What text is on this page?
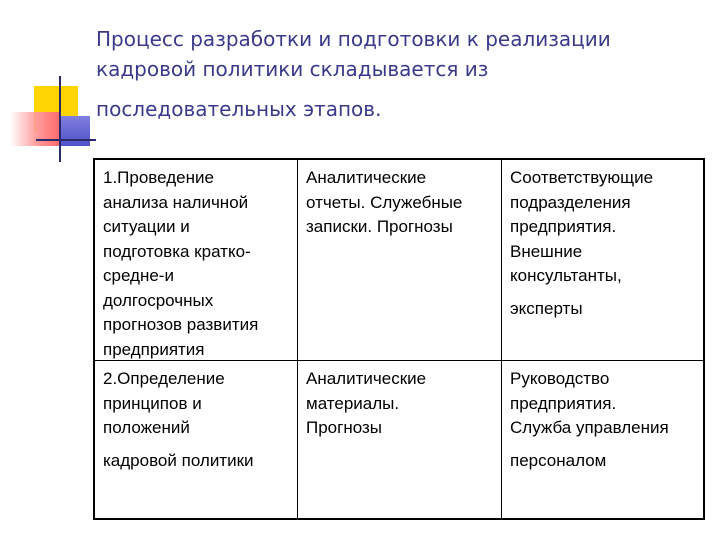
Процесс разработки и подготовки к реализации
кадровой политики складывается из
последовательных этапов.
1.Проведение
анализа наличной
ситуации и
подготовка кратко-
средне-и
долгосрочных
прогнозов развития
предприятия
Аналитические
отчеты. Служебные
записки. Прогнозы
Соответствующие
подразделения
предприятия.
Внешние
консультанты,
эксперты
2.Определение
принципов и
положений
кадровой политики
Аналитические
материалы.
Прогнозы
Руководство
предприятия.
Служба управления
персоналом
